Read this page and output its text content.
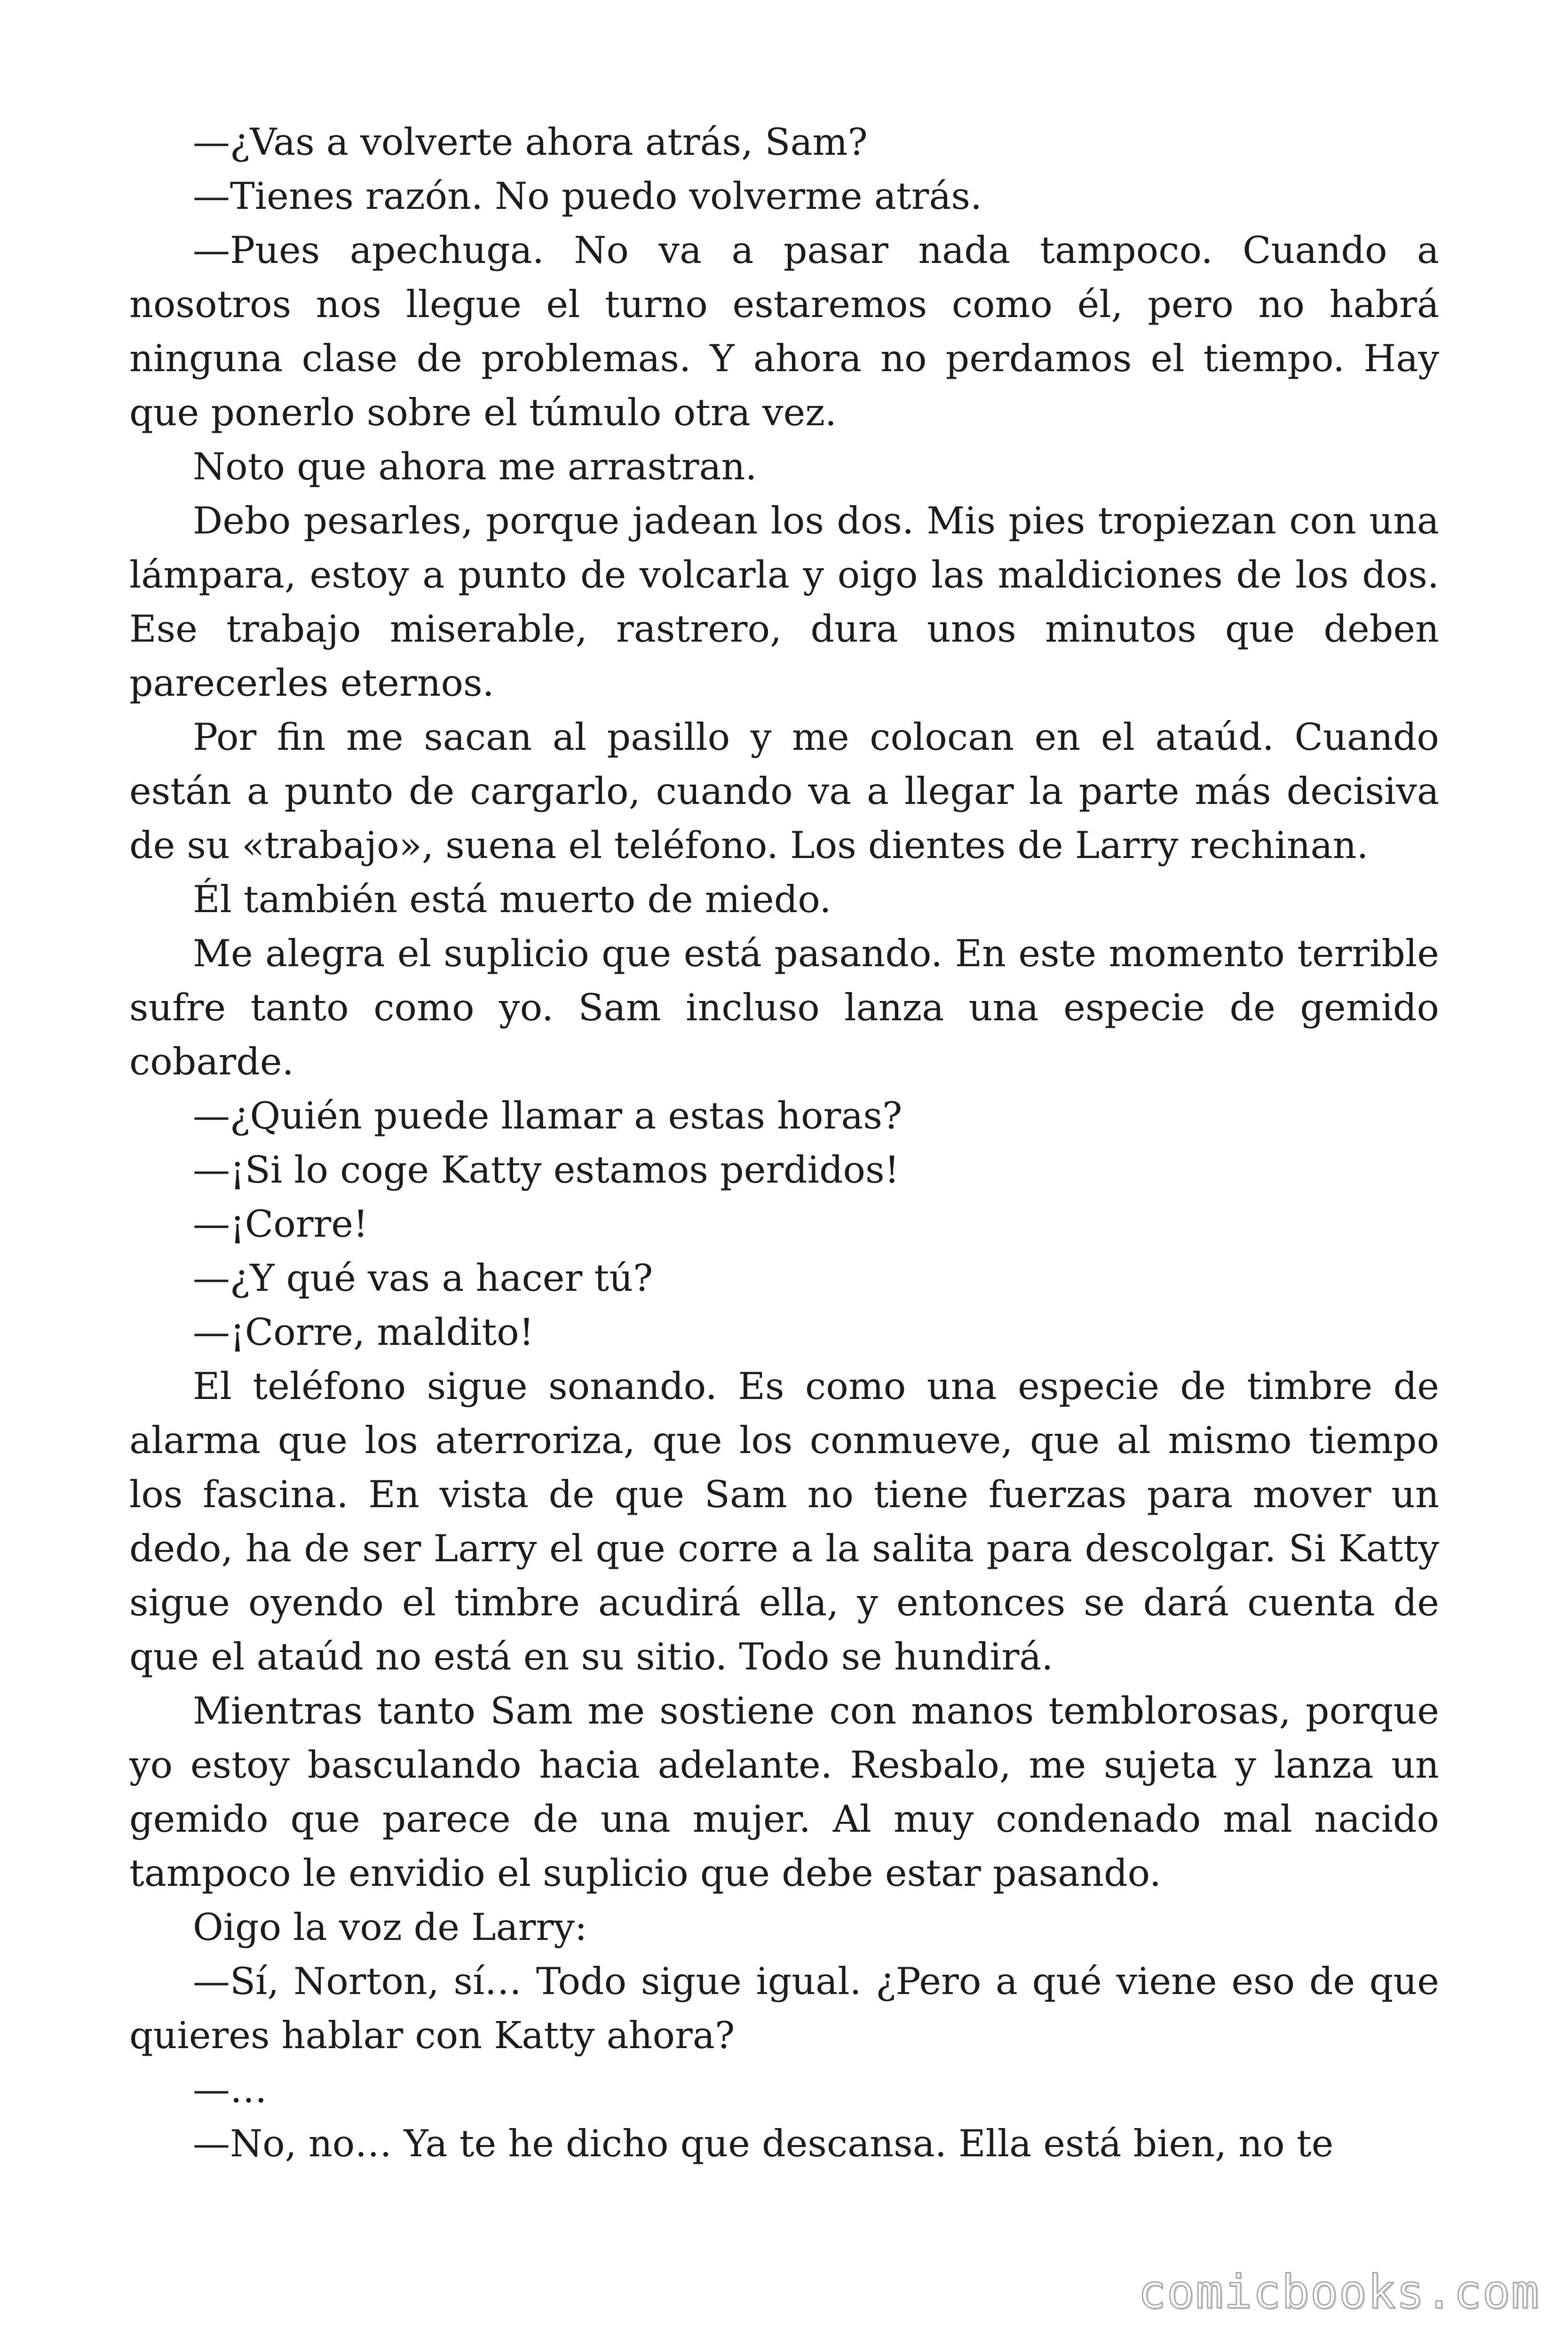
—¿Vas a volverte ahora atrás, Sam?

—Tienes razón. No puedo volverme atrás.

—Pues apechuga. No va a pasar nada tampoco. Cuando a nosotros nos llegue el turno estaremos como él, pero no habrá ninguna clase de problemas. Y ahora no perdamos el tiempo. Hay que ponerlo sobre el túmulo otra vez.

Noto que ahora me arrastran.

Debo pesarles, porque jadean los dos. Mis pies tropiezan con una lámpara, estoy a punto de volcarla y oigo las maldiciones de los dos. Ese trabajo miserable, rastrero, dura unos minutos que deben parecerles eternos.

Por fin me sacan al pasillo y me colocan en el ataúd. Cuando están a punto de cargarlo, cuando va a llegar la parte más decisiva de su «trabajo», suena el teléfono. Los dientes de Larry rechinan.

Él también está muerto de miedo.

Me alegra el suplicio que está pasando. En este momento terrible sufre tanto como yo. Sam incluso lanza una especie de gemido cobarde.

—¿Quién puede llamar a estas horas?

—¡Si lo coge Katty estamos perdidos!

—¡Corre!

—¿Y qué vas a hacer tú?

—¡Corre, maldito!

El teléfono sigue sonando. Es como una especie de timbre de alarma que los aterroriza, que los conmueve, que al mismo tiempo los fascina. En vista de que Sam no tiene fuerzas para mover un dedo, ha de ser Larry el que corre a la salita para descolgar. Si Katty sigue oyendo el timbre acudirá ella, y entonces se dará cuenta de que el ataúd no está en su sitio. Todo se hundirá.

Mientras tanto Sam me sostiene con manos temblorosas, porque yo estoy basculando hacia adelante. Resbalo, me sujeta y lanza un gemido que parece de una mujer. Al muy condenado mal nacido tampoco le envidio el suplicio que debe estar pasando.

Oigo la voz de Larry:

—Sí, Norton, sí… Todo sigue igual. ¿Pero a qué viene eso de que quieres hablar con Katty ahora?

—…

—No, no… Ya te he dicho que descansa. Ella está bien, no te

comicbooks.com
